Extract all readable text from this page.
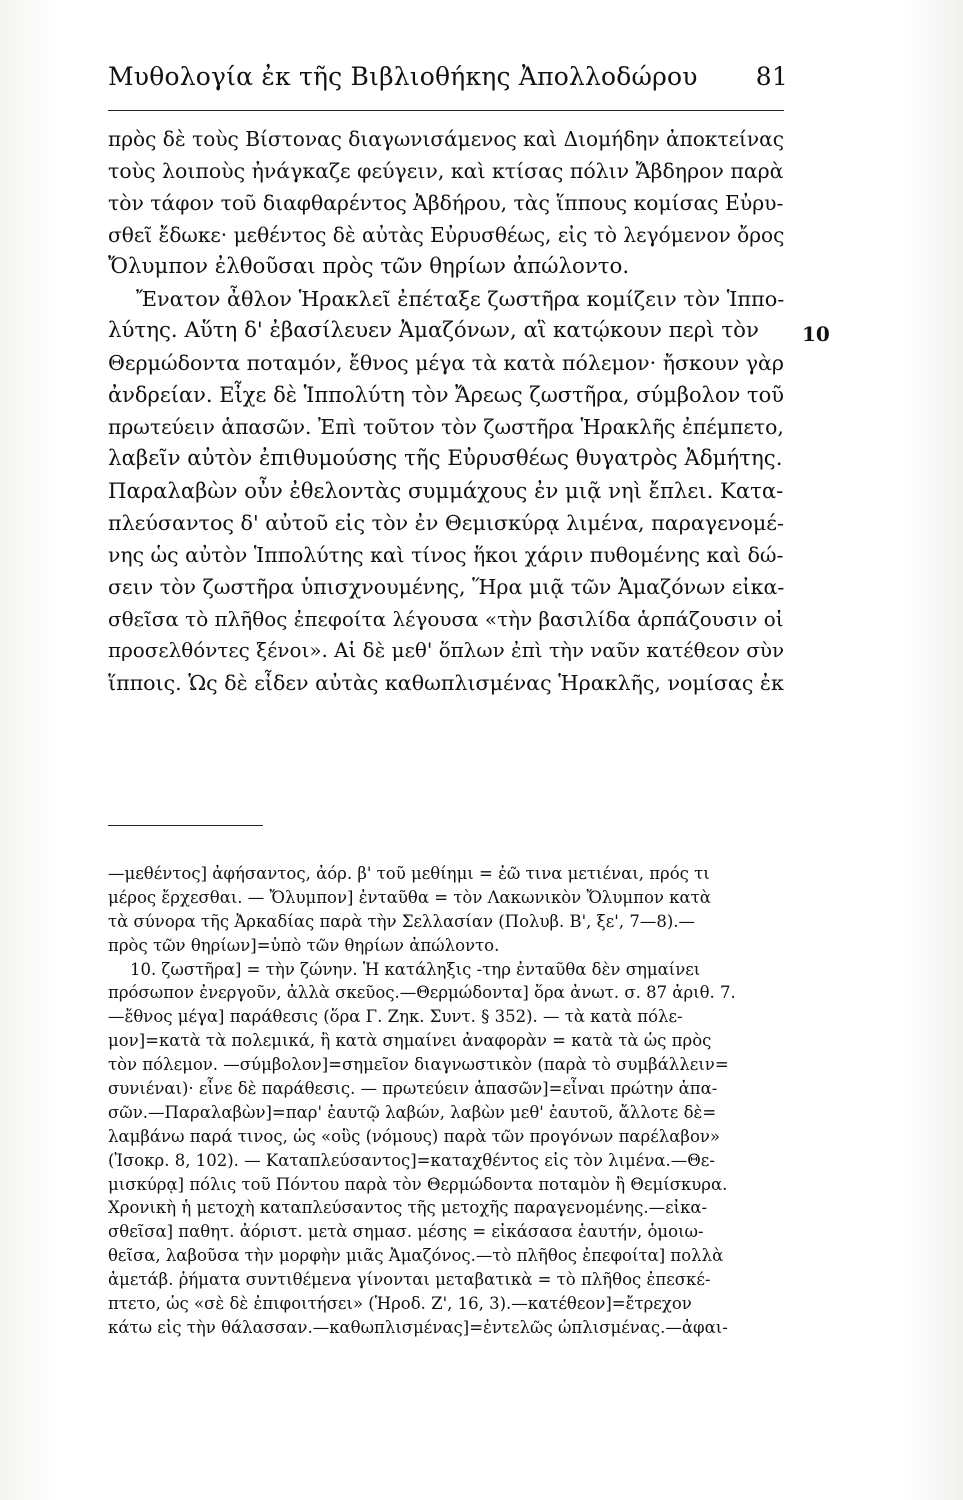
Μυθολογία ἐκ τῆς Βιβλιοθήκης Ἀπολλοδώρου 81
πρὸς δὲ τοὺς Βίστονας διαγωνισάμενος καὶ Διομήδην ἀποκτείνας
τοὺς λοιποὺς ἠνάγκαζε φεύγειν, καὶ κτίσας πόλιν Ἄβδηρον παρὰ
τὸν τάφον τοῦ διαφθαρέντος Ἀβδήρου, τὰς ἵππους κομίσας Εὐρυ-
σθεῖ ἔδωκε· μεθέντος δὲ αὐτὰς Εὐρυσθέως, εἰς τὸ λεγόμενον ὄρος
Ὄλυμπον ἐλθοῦσαι πρὸς τῶν θηρίων ἀπώλοντο.
Ἔνατον ἆθλον Ἡρακλεῖ ἐπέταξε ζωστῆρα κομίζειν τὸν Ἱππο-
λύτης. Αὕτη δ' ἐβασίλευεν Ἀμαζόνων, αἳ κατῴκουν περὶ τὸν
Θερμώδοντα ποταμόν, ἔθνος μέγα τὰ κατὰ πόλεμον· ἤσκουν γὰρ
ἀνδρείαν. Εἶχε δὲ Ἱππολύτη τὸν Ἄρεως ζωστῆρα, σύμβολον τοῦ
πρωτεύειν ἁπασῶν. Ἐπὶ τοῦτον τὸν ζωστῆρα Ἡρακλῆς ἐπέμπετο,
λαβεῖν αὐτὸν ἐπιθυμούσης τῆς Εὐρυσθέως θυγατρὸς Ἀδμήτης.
Παραλαβὼν οὖν ἐθελοντὰς συμμάχους ἐν μιᾷ νηὶ ἔπλει. Κατα-
πλεύσαντος δ' αὐτοῦ εἰς τὸν ἐν Θεμισκύρᾳ λιμένα, παραγενομέ-
νης ὡς αὐτὸν Ἱππολύτης καὶ τίνος ἥκοι χάριν πυθομένης καὶ δώ-
σειν τὸν ζωστῆρα ὑπισχνουμένης, Ἥρα μιᾷ τῶν Ἀμαζόνων εἰκα-
σθεῖσα τὸ πλῆθος ἐπεφοίτα λέγουσα «τὴν βασιλίδα ἁρπάζουσιν οἱ
προσελθόντες ξένοι». Αἱ δὲ μεθ' ὅπλων ἐπὶ τὴν ναῦν κατέθεον σὺν
ἵπποις. Ὡς δὲ εἶδεν αὐτὰς καθωπλισμένας Ἡρακλῆς, νομίσας ἐκ
10
—μεθέντος] ἀφήσαντος, ἀόρ. β' τοῦ μεθίημι = ἐῶ τινα μετιέναι, πρός τι
μέρος ἔρχεσθαι. — Ὄλυμπον] ἐνταῦθα = τὸν Λακωνικὸν Ὄλυμπον κατὰ
τὰ σύνορα τῆς Ἀρκαδίας παρὰ τὴν Σελλασίαν (Πολυβ. Β', ξε', 7—8).—
πρὸς τῶν θηρίων]=ὑπὸ τῶν θηρίων ἀπώλοντο.
10. ζωστῆρα] = τὴν ζώνην. Ἡ κατάληξις -τηρ ἐνταῦθα δὲν σημαίνει
πρόσωπον ἐνεργοῦν, ἀλλὰ σκεῦος.—Θερμώδοντα] ὅρα ἀνωτ. σ. 87 ἀριθ. 7.
—ἔθνος μέγα] παράθεσις (ὅρα Γ. Ζηκ. Συντ. § 352). — τὰ κατὰ πόλε-
μον]=κατὰ τὰ πολεμικά, ἢ κατὰ σημαίνει ἀναφορὰν = κατὰ τὰ ὡς πρὸς
τὸν πόλεμον. —σύμβολον]=σημεῖον διαγνωστικὸν (παρὰ τὸ συμβάλλειν=
συνιέναι)· εἶνε δὲ παράθεσις. — πρωτεύειν ἁπασῶν]=εἶναι πρώτην ἁπα-
σῶν.—Παραλαβὼν]=παρ' ἑαυτῷ λαβών, λαβὼν μεθ' ἑαυτοῦ, ἄλλοτε δὲ=
λαμβάνω παρά τινος, ὡς «οὓς (νόμους) παρὰ τῶν προγόνων παρέλαβον»
(Ἰσοκρ. 8, 102). — Καταπλεύσαντος]=καταχθέντος εἰς τὸν λιμένα.—Θε-
μισκύρᾳ] πόλις τοῦ Πόντου παρὰ τὸν Θερμώδοντα ποταμὸν ἢ Θεμίσκυρα.
Χρονικὴ ἡ μετοχὴ καταπλεύσαντος τῆς μετοχῆς παραγενομένης.—εἰκα-
σθεῖσα] παθητ. ἀόριστ. μετὰ σημασ. μέσης = εἰκάσασα ἑαυτήν, ὁμοιω-
θεῖσα, λαβοῦσα τὴν μορφὴν μιᾶς Ἀμαζόνος.—τὸ πλῆθος ἐπεφοίτα] πολλὰ
ἀμετάβ. ῥήματα συντιθέμενα γίνονται μεταβατικὰ = τὸ πλῆθος ἐπεσκέ-
πτετο, ὡς «σὲ δὲ ἐπιφοιτήσει» (Ἡροδ. Ζ', 16, 3).—κατέθεον]=ἔτρεχον
κάτω εἰς τὴν θάλασσαν.—καθωπλισμένας]=ἐντελῶς ὡπλισμένας.—ἀφαι-
